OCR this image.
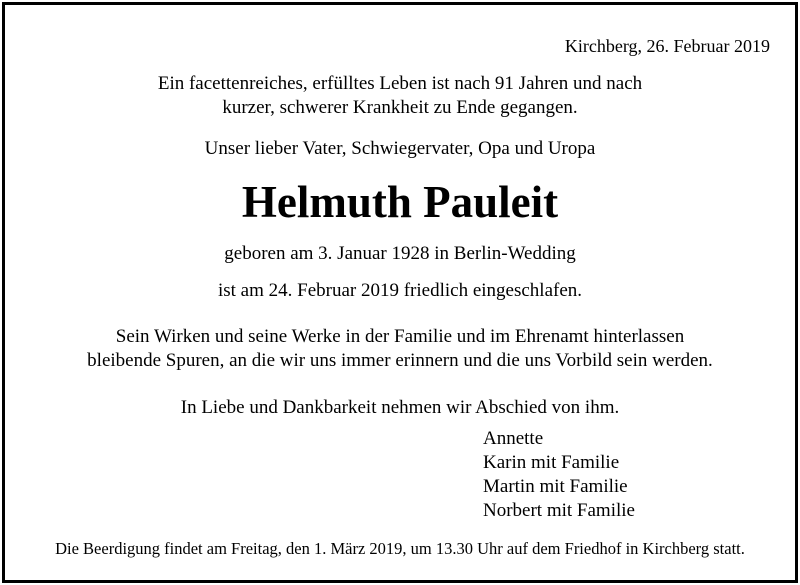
Kirchberg, 26. Februar 2019
Ein facettenreiches, erfülltes Leben ist nach 91 Jahren und nach
kurzer, schwerer Krankheit zu Ende gegangen.
Unser lieber Vater, Schwiegervater, Opa und Uropa
Helmuth Pauleit
geboren am 3. Januar 1928 in Berlin-Wedding
ist am 24. Februar 2019 friedlich eingeschlafen.
Sein Wirken und seine Werke in der Familie und im Ehrenamt hinterlassen
bleibende Spuren, an die wir uns immer erinnern und die uns Vorbild sein werden.
In Liebe und Dankbarkeit nehmen wir Abschied von ihm.
Annette
Karin mit Familie
Martin mit Familie
Norbert mit Familie
Die Beerdigung findet am Freitag, den 1. März 2019, um 13.30 Uhr auf dem Friedhof in Kirchberg statt.
